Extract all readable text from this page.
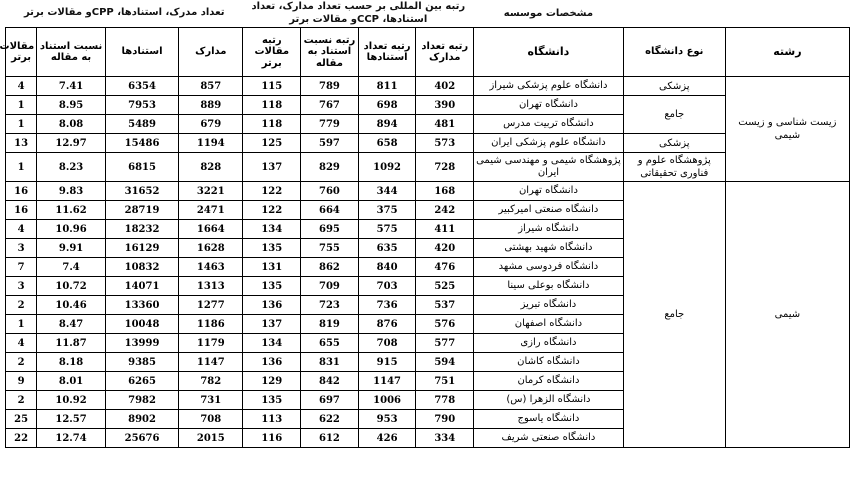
		مشخصات موسسه	رتبه بین المللی بر حسب تعداد مدارک، تعداد استنادها، CCPو مقالات برتر				تعداد مدرک، استنادها، CPPو مقالات برتر			
رشته	نوع دانشگاه	دانشگاه	رتبه تعداد مدارک	رتبه تعداد استنادها	رتبه نسبت استناد به مقاله	رتبه مقالات برتر	مدارک	استنادها	نسبت استناد به مقاله	مقالات برتر
زیست شناسی و زیست شیمی	پزشکی	دانشگاه علوم پزشکی شیراز	402	811	789	115	857	6354	7.41	4
	جامع	دانشگاه تهران	390	698	767	118	889	7953	8.95	1
		دانشگاه تربیت مدرس	481	894	779	118	679	5489	8.08	1
	پزشکی	دانشگاه علوم پزشکی ایران	573	658	597	125	1194	15486	12.97	13
	پژوهشگاه علوم و فناوری تحقیقاتی	پژوهشگاه شیمی و مهندسی شیمی ایران	728	1092	829	137	828	6815	8.23	1
شیمی	جامع	دانشگاه تهران	168	344	760	122	3221	31652	9.83	16
		دانشگاه صنعتی امیرکبیر	242	375	664	122	2471	28719	11.62	16
		دانشگاه شیراز	411	575	695	134	1664	18232	10.96	4
		دانشگاه شهید بهشتی	420	635	755	135	1628	16129	9.91	3
		دانشگاه فردوسی مشهد	476	840	862	131	1463	10832	7.4	7
		دانشگاه بوعلی سینا	525	703	709	135	1313	14071	10.72	3
		دانشگاه تبریز	537	736	723	136	1277	13360	10.46	2
		دانشگاه اصفهان	576	876	819	137	1186	10048	8.47	1
		دانشگاه رازی	577	708	655	134	1179	13999	11.87	4
		دانشگاه کاشان	594	915	831	136	1147	9385	8.18	2
		دانشگاه کرمان	751	1147	842	129	782	6265	8.01	9
		دانشگاه الزهرا (س)	778	1006	697	135	731	7982	10.92	2
		دانشگاه یاسوج	790	953	622	113	708	8902	12.57	25
		دانشگاه صنعتی شریف	334	426	612	116	2015	25676	12.74	22
